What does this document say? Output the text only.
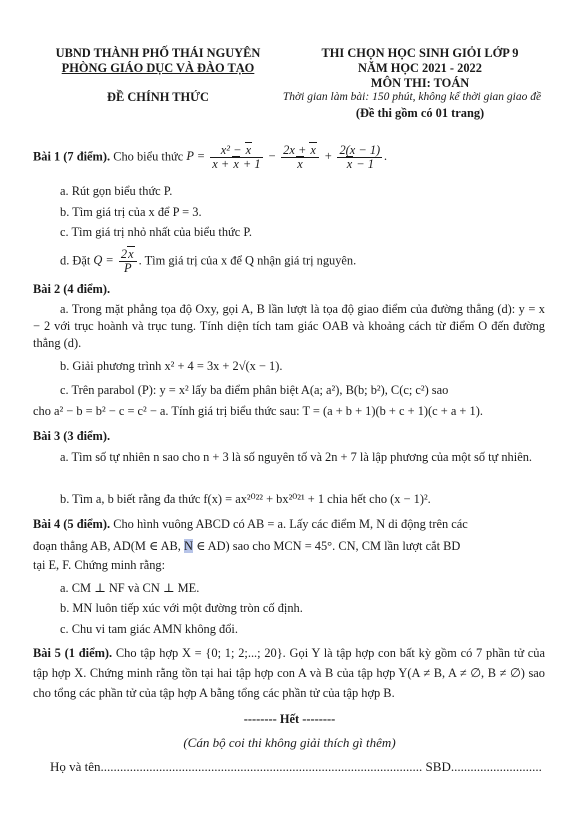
UBND THÀNH PHỐ THÁI NGUYÊN
PHÒNG GIÁO DỤC VÀ ĐÀO TẠO
ĐỀ CHÍNH THỨC
THI CHỌN HỌC SINH GIỎI LỚP 9
NĂM HỌC 2021 - 2022
MÔN THI: TOÁN
Thời gian làm bài: 150 phút, không kể thời gian giao đề
(Đề thi gồm có 01 trang)
Bài 1 (7 điểm). Cho biểu thức $P = \frac{\text{x² − x}}{x + x + 1} - \frac{2x + x}{x} + \frac{2(x - 1)}{x - 1}$ .
a. Rút gọn biểu thức P.
b. Tìm giá trị của x để P = 3.
c. Tìm giá trị nhỏ nhất của biểu thức P.
d. Đặt $Q = \frac{2x}{P}$ . Tìm giá trị của x để Q nhận giá trị nguyên.
Bài 2 (4 điểm).
a. Trong mặt phẳng tọa độ Oxy, gọi A, B lần lượt là tọa độ giao điểm của đường thẳng (d): y = x − 2 với trục hoành và trục tung. Tính diện tích tam giác OAB và khoảng cách từ điểm O đến đường thẳng (d).
b. Giải phương trình x² + 4 = 3x + 2√(x − 1).
c. Trên parabol (P): y = x² lấy ba điểm phân biệt A(a; a²), B(b; b²), C(c; c²) sao
cho a² − b = b² − c = c² − a. Tính giá trị biểu thức sau: T = (a + b + 1)(b + c + 1)(c + a + 1).
Bài 3 (3 điểm).
a. Tìm số tự nhiên n sao cho n + 3 là số nguyên tố và 2n + 7 là lập phương của một số tự nhiên.
b. Tìm a, b biết rằng đa thức f(x) = ax²⁰²² + bx²⁰²¹ + 1 chia hết cho (x − 1)².
Bài 4 (5 điểm). Cho hình vuông ABCD có AB = a. Lấy các điểm M, N di động trên các
đoạn thẳng AB, AD(M ∈ AB, N ∈ AD) sao cho MCN = 45°. CN, CM lần lượt cắt BD
tại E, F. Chứng minh rằng:
a. CM ⊥ NF và CN ⊥ ME.
b. MN luôn tiếp xúc với một đường tròn cố định.
c. Chu vi tam giác AMN không đổi.
Bài 5 (1 điểm). Cho tập hợp X = {0; 1; 2;...; 20}. Gọi Y là tập hợp con bất kỳ gồm có 7 phần tử của tập hợp X. Chứng minh rằng tồn tại hai tập hợp con A và B của tập hợp Y(A ≠ B, A ≠ ∅, B ≠ ∅) sao cho tổng các phần tử của tập hợp A bằng tổng các phần tử của tập hợp B.
-------- Hết --------
(Cán bộ coi thi không giải thích gì thêm)
Họ và tên................................................................................................... SBD............................
